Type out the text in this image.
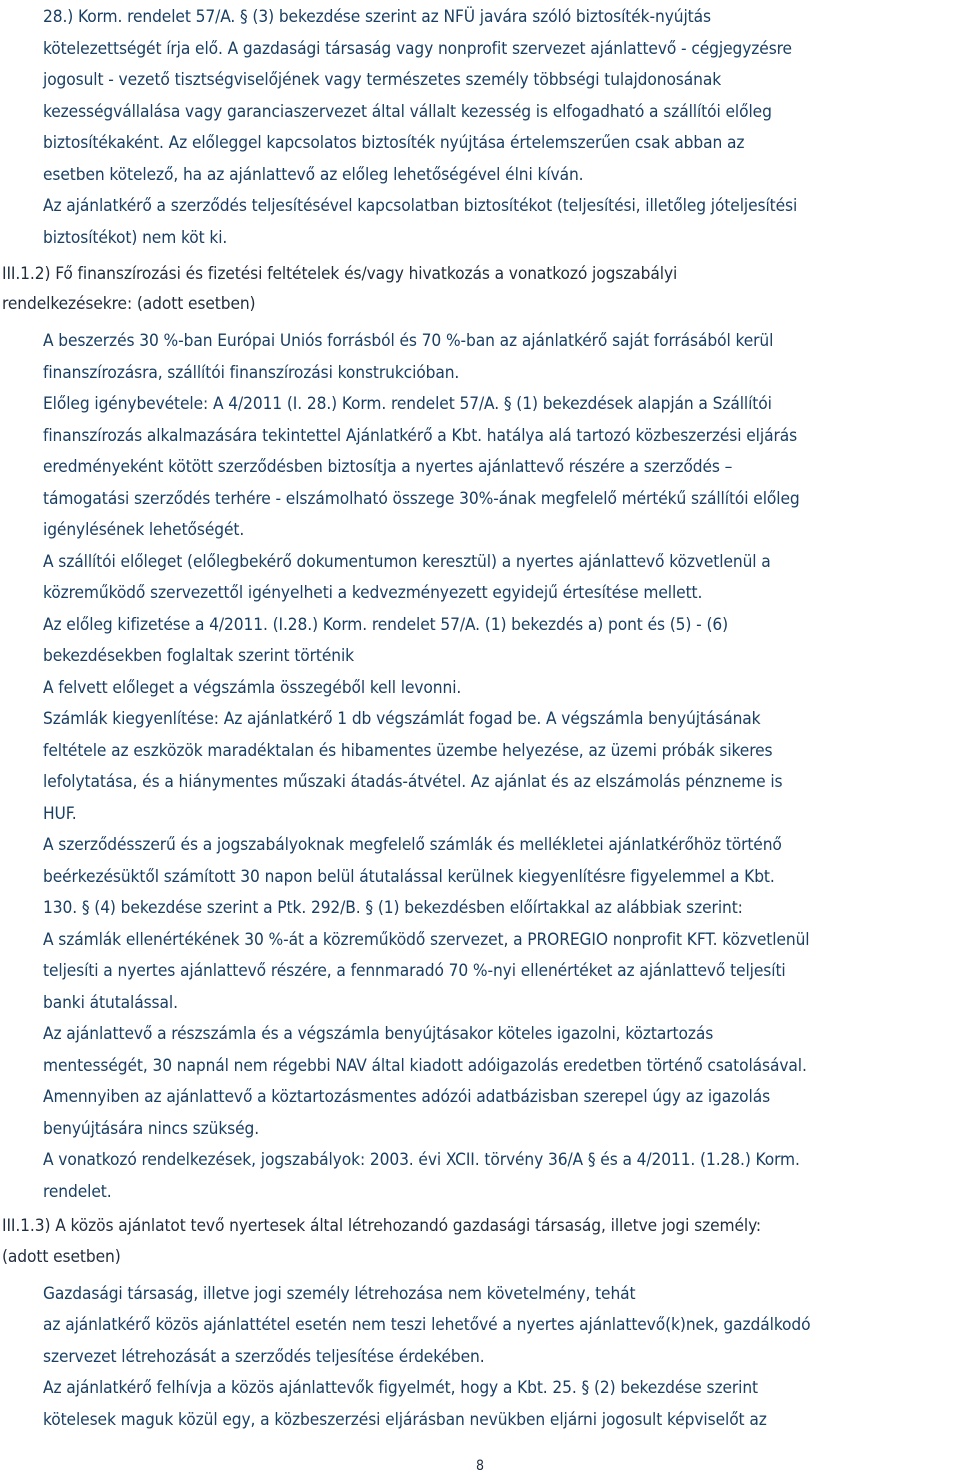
28.) Korm. rendelet 57/A. § (3) bekezdése szerint az NFÜ javára szóló biztosíték-nyújtás
kötelezettségét írja elő. A gazdasági társaság vagy nonprofit szervezet ajánlattevő - cégjegyzésre
jogosult - vezető tisztségviselőjének vagy természetes személy többségi tulajdonosának
kezességvállalása vagy garanciaszervezet által vállalt kezesség is elfogadható a szállítói előleg
biztosítékaként. Az előleggel kapcsolatos biztosíték nyújtása értelemszerűen csak abban az
esetben kötelező, ha az ajánlattevő az előleg lehetőségével élni kíván.
Az ajánlatkérő a szerződés teljesítésével kapcsolatban biztosítékot (teljesítési, illetőleg jóteljesítési
biztosítékot) nem köt ki.
III.1.2) Fő finanszírozási és fizetési feltételek és/vagy hivatkozás a vonatkozó jogszabályi
rendelkezésekre: (adott esetben)
A beszerzés 30 %-ban Európai Uniós forrásból és 70 %-ban az ajánlatkérő saját forrásából kerül
finanszírozásra, szállítói finanszírozási konstrukcióban.
Előleg igénybevétele: A 4/2011 (I. 28.) Korm. rendelet 57/A. § (1) bekezdések alapján a Szállítói
finanszírozás alkalmazására tekintettel Ajánlatkérő a Kbt. hatálya alá tartozó közbeszerzési eljárás
eredményeként kötött szerződésben biztosítja a nyertes ajánlattevő részére a szerződés –
támogatási szerződés terhére - elszámolható összege 30%-ának megfelelő mértékű szállítói előleg
igénylésének lehetőségét.
A szállítói előleget (előlegbekérő dokumentumon keresztül) a nyertes ajánlattevő közvetlenül a
közreműködő szervezettől igényelheti a kedvezményezett egyidejű értesítése mellett.
Az előleg kifizetése a 4/2011. (I.28.) Korm. rendelet 57/A. (1) bekezdés a) pont és (5) - (6)
bekezdésekben foglaltak szerint történik
A felvett előleget a végszámla összegéből kell levonni.
Számlák kiegyenlítése: Az ajánlatkérő 1 db végszámlát fogad be. A végszámla benyújtásának
feltétele az eszközök maradéktalan és hibamentes üzembe helyezése, az üzemi próbák sikeres
lefolytatása, és a hiánymentes műszaki átadás-átvétel. Az ajánlat és az elszámolás pénzneme is
HUF.
A szerződésszerű és a jogszabályoknak megfelelő számlák és mellékletei ajánlatkérőhöz történő
beérkezésüktől számított 30 napon belül átutalással kerülnek kiegyenlítésre figyelemmel a Kbt.
130. § (4) bekezdése szerint a Ptk. 292/B. § (1) bekezdésben előírtakkal az alábbiak szerint:
A számlák ellenértékének 30 %-át a közreműködő szervezet, a PROREGIO nonprofit KFT. közvetlenül
teljesíti a nyertes ajánlattevő részére, a fennmaradó 70 %-nyi ellenértéket az ajánlattevő teljesíti
banki átutalással.
Az ajánlattevő a részszámla és a végszámla benyújtásakor köteles igazolni, köztartozás
mentességét, 30 napnál nem régebbi NAV által kiadott adóigazolás eredetben történő csatolásával.
Amennyiben az ajánlattevő a köztartozásmentes adózói adatbázisban szerepel úgy az igazolás
benyújtására nincs szükség.
A vonatkozó rendelkezések, jogszabályok: 2003. évi XCII. törvény 36/A § és a 4/2011. (1.28.) Korm.
rendelet.
III.1.3) A közös ajánlatot tevő nyertesek által létrehozandó gazdasági társaság, illetve jogi személy:
(adott esetben)
Gazdasági társaság, illetve jogi személy létrehozása nem követelmény, tehát
az ajánlatkérő közös ajánlattétel esetén nem teszi lehetővé a nyertes ajánlattevő(k)nek, gazdálkodó
szervezet létrehozását a szerződés teljesítése érdekében.
Az ajánlatkérő felhívja a közös ajánlattevők figyelmét, hogy a Kbt. 25. § (2) bekezdése szerint
kötelesek maguk közül egy, a közbeszerzési eljárásban nevükben eljárni jogosult képviselőt az
8
